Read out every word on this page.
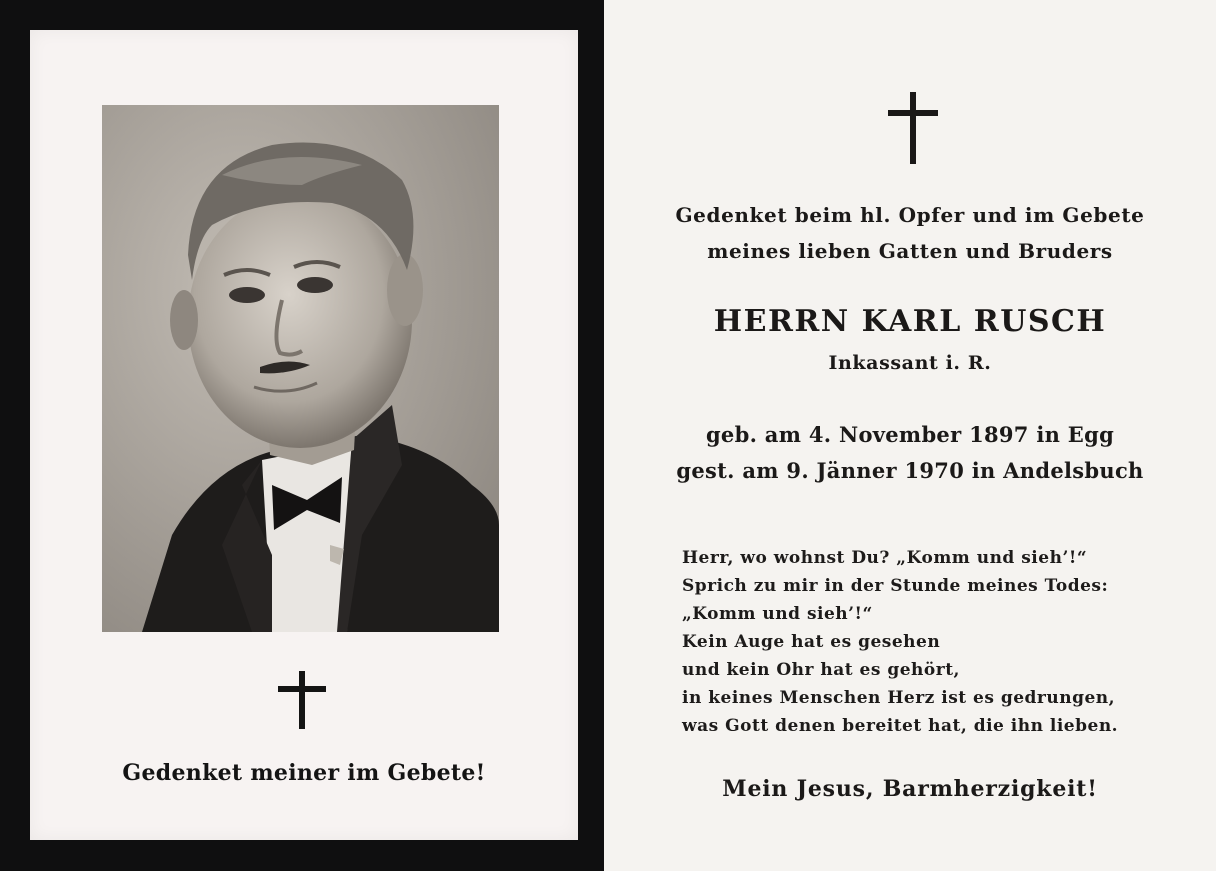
Gedenket meiner im Gebete!
Gedenket beim hl. Opfer und im Gebete
meines lieben Gatten und Bruders
HERRN KARL RUSCH
Inkassant i. R.
geb. am 4. November 1897 in Egg
gest. am 9. Jänner 1970 in Andelsbuch
Herr, wo wohnst Du? „Komm und sieh’!“
Sprich zu mir in der Stunde meines Todes:
„Komm und sieh’!“
Kein Auge hat es gesehen
und kein Ohr hat es gehört,
in keines Menschen Herz ist es gedrungen,
was Gott denen bereitet hat, die ihn lieben.
Mein Jesus, Barmherzigkeit!
